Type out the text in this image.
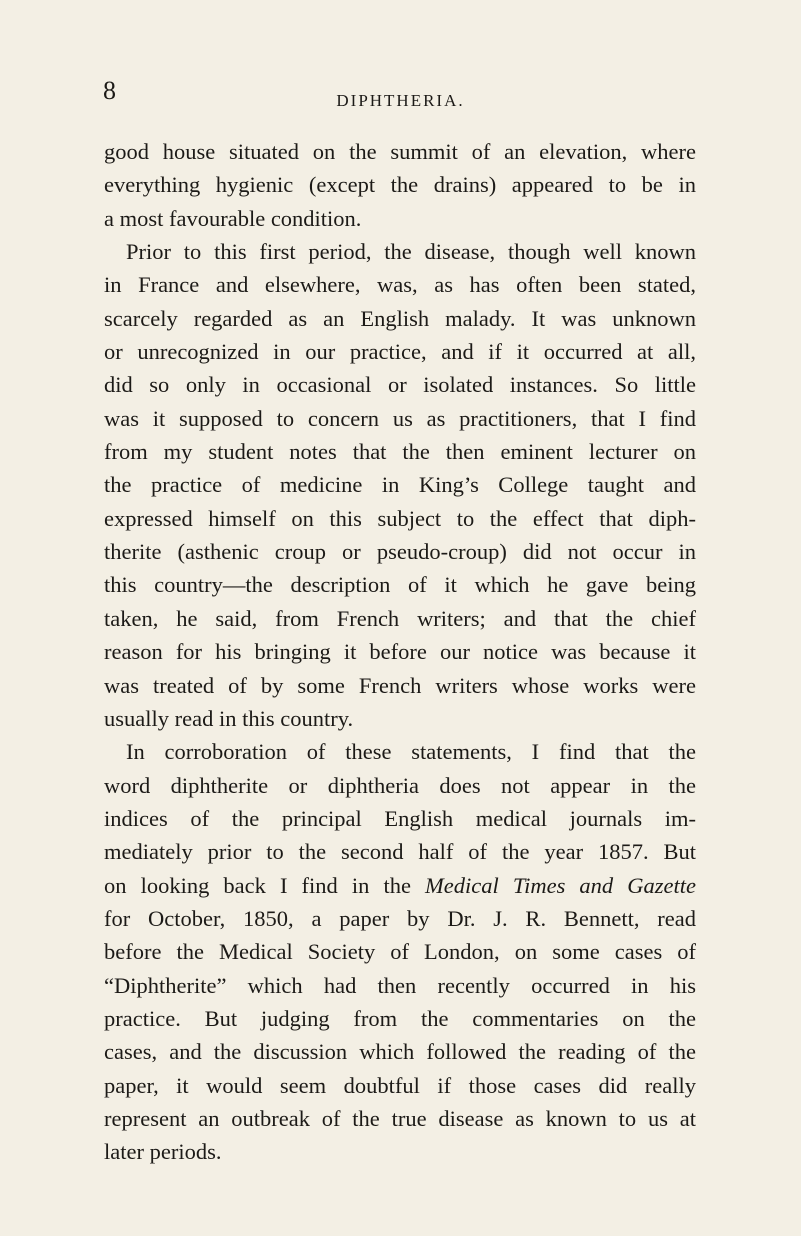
8	DIPHTHERIA.
good house situated on the summit of an elevation, where
everything hygienic (except the drains) appeared to be in
a most favourable condition.
Prior to this first period, the disease, though well known
in France and elsewhere, was, as has often been stated,
scarcely regarded as an English malady. It was unknown
or unrecognized in our practice, and if it occurred at all,
did so only in occasional or isolated instances. So little
was it supposed to concern us as practitioners, that I find
from my student notes that the then eminent lecturer on
the practice of medicine in King’s College taught and
expressed himself on this subject to the effect that diph-
therite (asthenic croup or pseudo-croup) did not occur in
this country—the description of it which he gave being
taken, he said, from French writers; and that the chief
reason for his bringing it before our notice was because it
was treated of by some French writers whose works were
usually read in this country.
In corroboration of these statements, I find that the
word diphtherite or diphtheria does not appear in the
indices of the principal English medical journals im-
mediately prior to the second half of the year 1857. But
on looking back I find in the Medical Times and Gazette
for October, 1850, a paper by Dr. J. R. Bennett, read
before the Medical Society of London, on some cases of
“Diphtherite” which had then recently occurred in his
practice. But judging from the commentaries on the
cases, and the discussion which followed the reading of the
paper, it would seem doubtful if those cases did really
represent an outbreak of the true disease as known to us at
later periods.
